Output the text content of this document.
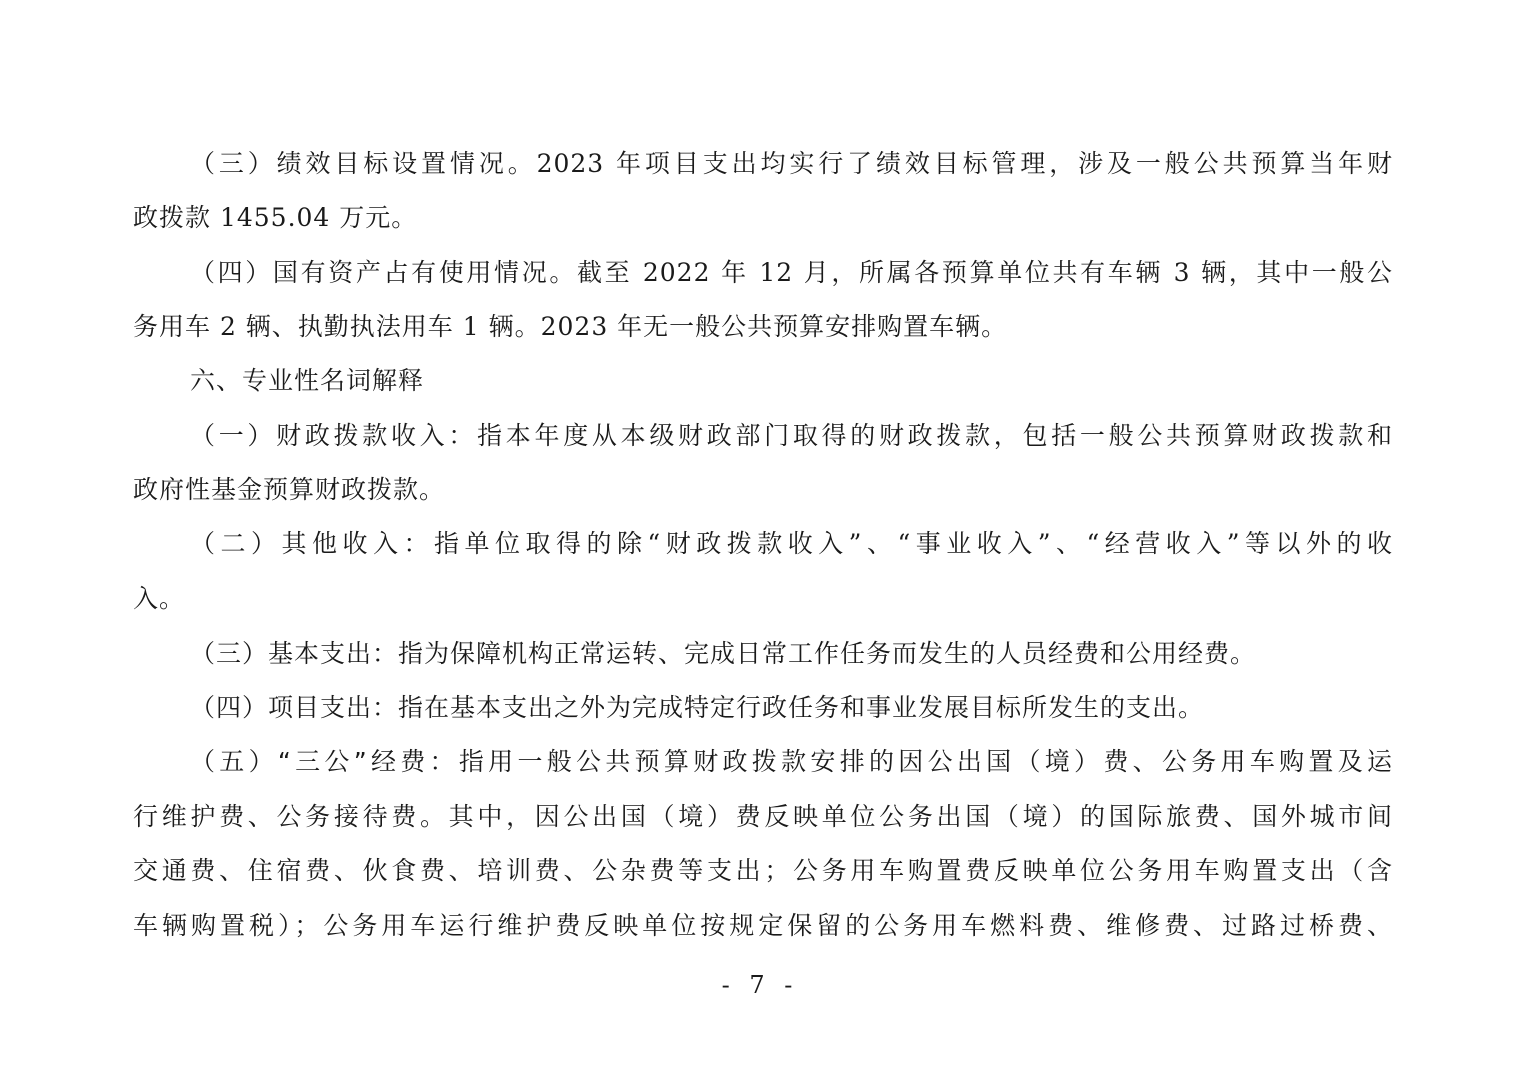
（三）绩效目标设置情况。2023 年项目支出均实行了绩效目标管理，涉及一般公共预算当年财
政拨款 1455.04 万元。
（四）国有资产占有使用情况。截至 2022 年 12 月，所属各预算单位共有车辆 3 辆，其中一般公
务用车 2 辆、执勤执法用车 1 辆。2023 年无一般公共预算安排购置车辆。
六、专业性名词解释
（一）财政拨款收入：指本年度从本级财政部门取得的财政拨款，包括一般公共预算财政拨款和
政府性基金预算财政拨款。
（二）其他收入：指单位取得的除“财政拨款收入”、“事业收入”、“经营收入”等以外的收
入。
（三）基本支出：指为保障机构正常运转、完成日常工作任务而发生的人员经费和公用经费。
（四）项目支出：指在基本支出之外为完成特定行政任务和事业发展目标所发生的支出。
（五）“三公”经费：指用一般公共预算财政拨款安排的因公出国（境）费、公务用车购置及运
行维护费、公务接待费。其中，因公出国（境）费反映单位公务出国（境）的国际旅费、国外城市间
交通费、住宿费、伙食费、培训费、公杂费等支出；公务用车购置费反映单位公务用车购置支出（含
车辆购置税）；公务用车运行维护费反映单位按规定保留的公务用车燃料费、维修费、过路过桥费、
- 7 -
